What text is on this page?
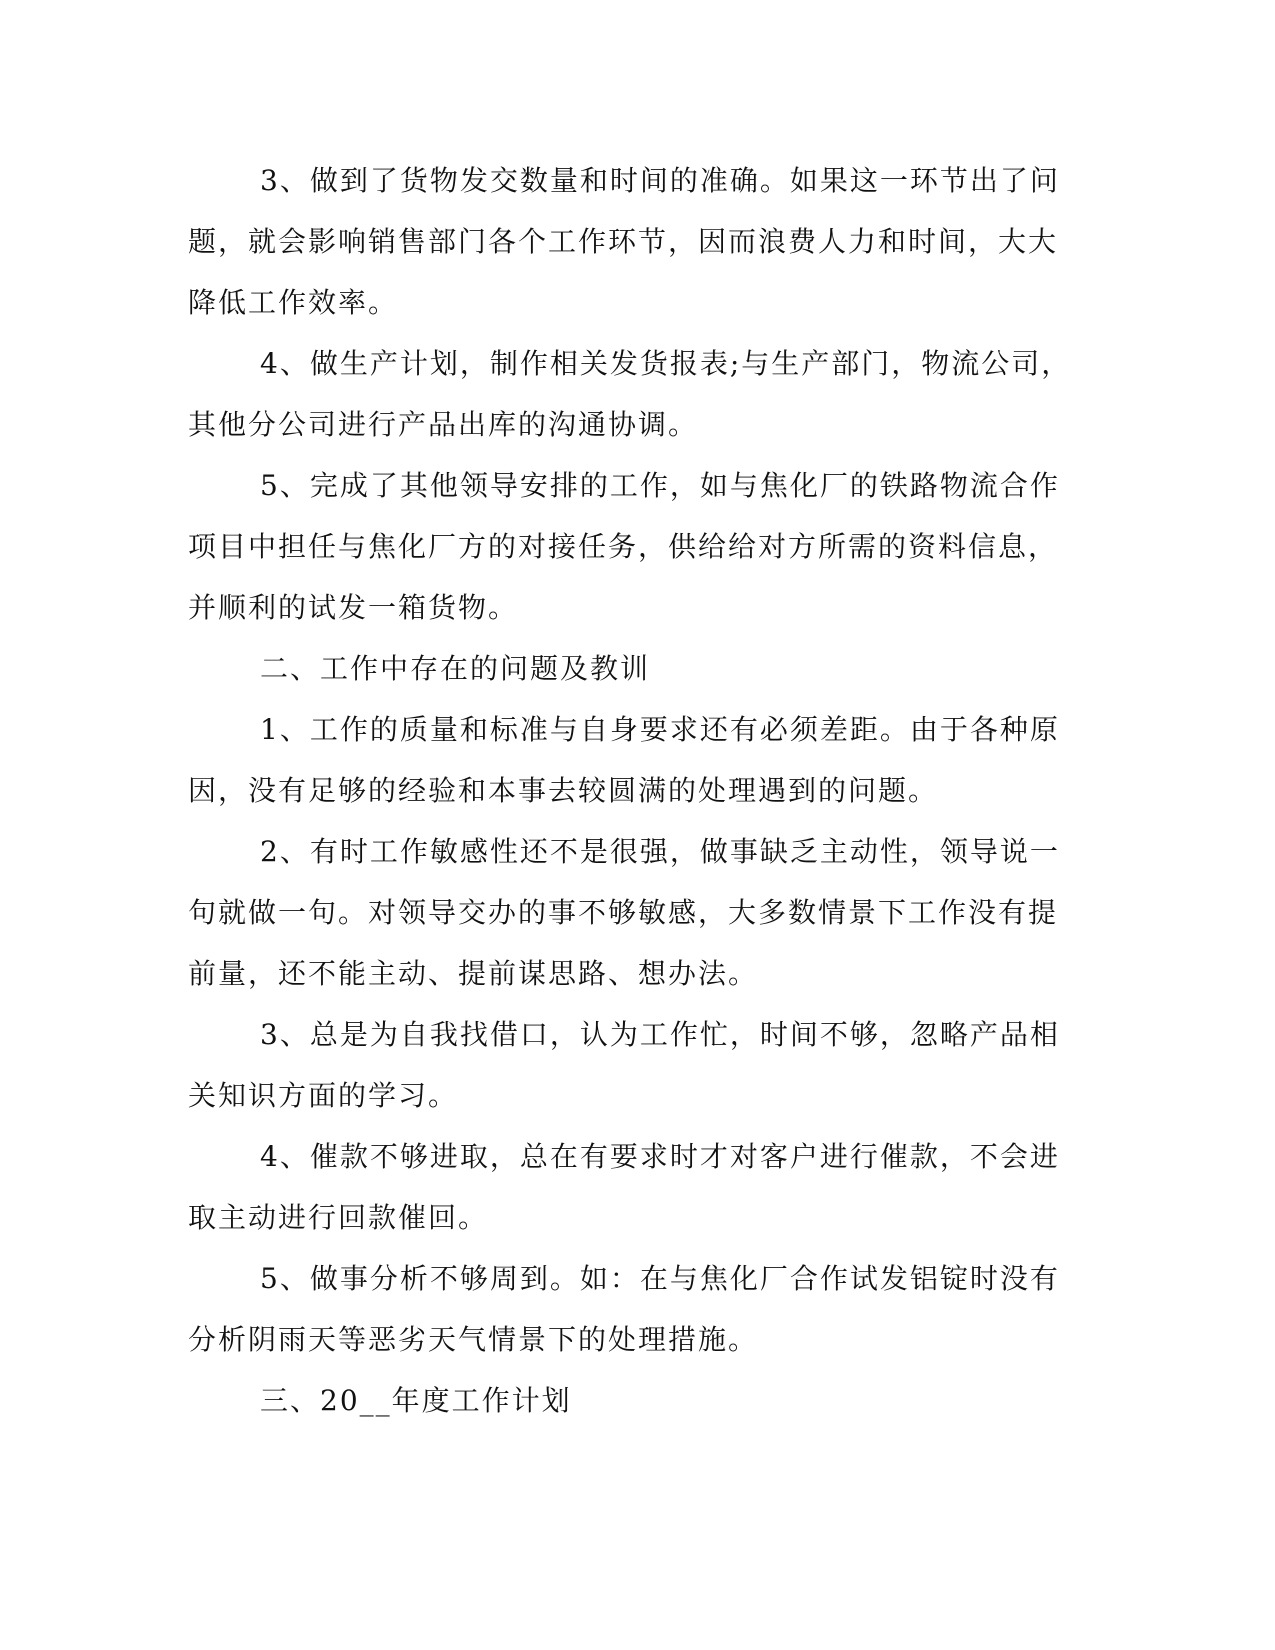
3、做到了货物发交数量和时间的准确。如果这一环节出了问题，就会影响销售部门各个工作环节，因而浪费人力和时间，大大降低工作效率。

4、做生产计划，制作相关发货报表;与生产部门，物流公司，其他分公司进行产品出库的沟通协调。

5、完成了其他领导安排的工作，如与焦化厂的铁路物流合作项目中担任与焦化厂方的对接任务，供给给对方所需的资料信息，并顺利的试发一箱货物。

二、工作中存在的问题及教训

1、工作的质量和标准与自身要求还有必须差距。由于各种原因，没有足够的经验和本事去较圆满的处理遇到的问题。

2、有时工作敏感性还不是很强，做事缺乏主动性，领导说一句就做一句。对领导交办的事不够敏感，大多数情景下工作没有提前量，还不能主动、提前谋思路、想办法。

3、总是为自我找借口，认为工作忙，时间不够，忽略产品相关知识方面的学习。

4、催款不够进取，总在有要求时才对客户进行催款，不会进取主动进行回款催回。

5、做事分析不够周到。如：在与焦化厂合作试发铝锭时没有分析阴雨天等恶劣天气情景下的处理措施。

三、20__年度工作计划
